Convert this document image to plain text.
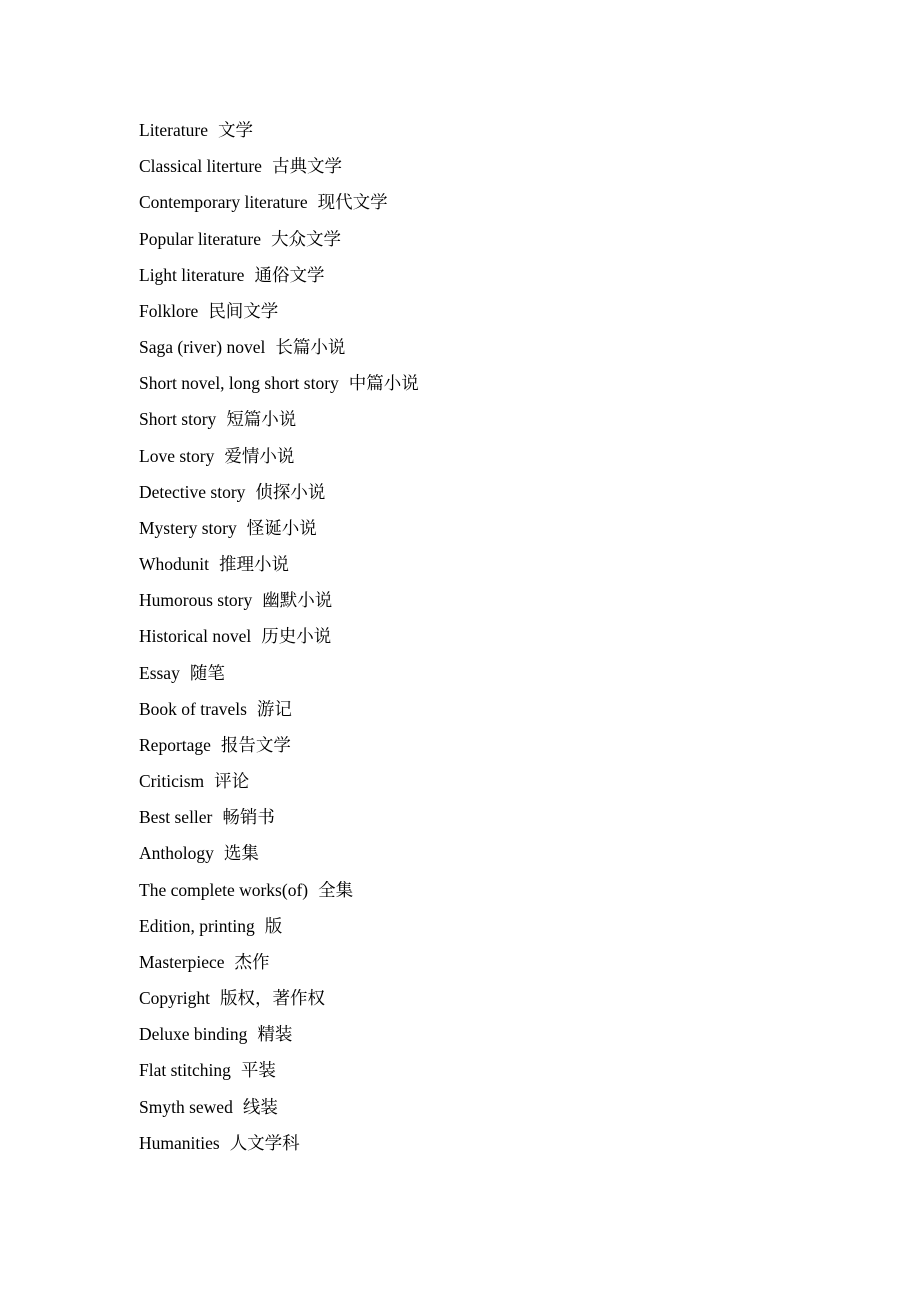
Literature 文学
Classical literture 古典文学
Contemporary literature 现代文学
Popular literature 大众文学
Light literature 通俗文学
Folklore 民间文学
Saga (river) novel 长篇小说
Short novel, long short story 中篇小说
Short story 短篇小说
Love story 爱情小说
Detective story 侦探小说
Mystery story 怪诞小说
Whodunit 推理小说
Humorous story 幽默小说
Historical novel 历史小说
Essay 随笔
Book of travels 游记
Reportage 报告文学
Criticism 评论
Best seller 畅销书
Anthology 选集
The complete works(of) 全集
Edition, printing 版
Masterpiece 杰作
Copyright 版权，著作权
Deluxe binding 精装
Flat stitching 平装
Smyth sewed 线装
Humanities 人文学科
